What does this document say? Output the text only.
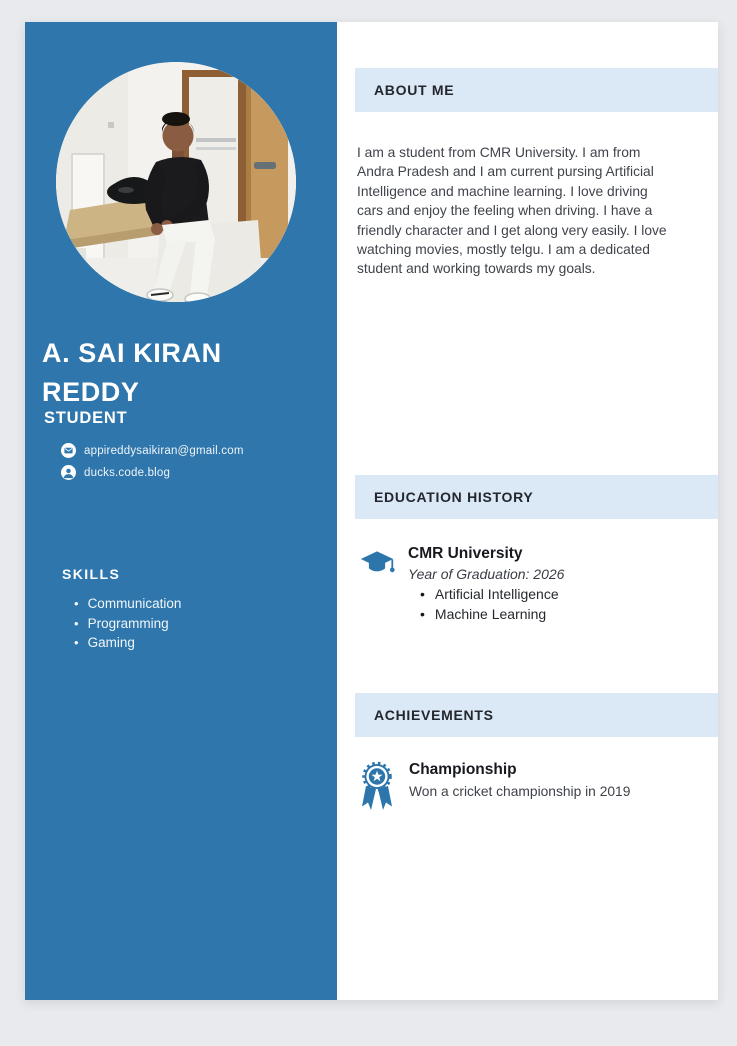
A. SAI KIRAN
REDDY
STUDENT
appireddysaikiran@gmail.com
ducks.code.blog
SKILLS
• Communication
• Programming
• Gaming
ABOUT ME

I am a student from CMR University. I am from Andra Pradesh and I am current pursing Artificial Intelligence and machine learning. I love driving cars and enjoy the feeling when driving. I have a friendly character and I get along very easily. I love watching movies, mostly telgu. I am a dedicated student and working towards my goals.

EDUCATION HISTORY
CMR University
Year of Graduation: 2026
• Artificial Intelligence
• Machine Learning
ACHIEVEMENTS
Championship
Won a cricket championship in 2019
